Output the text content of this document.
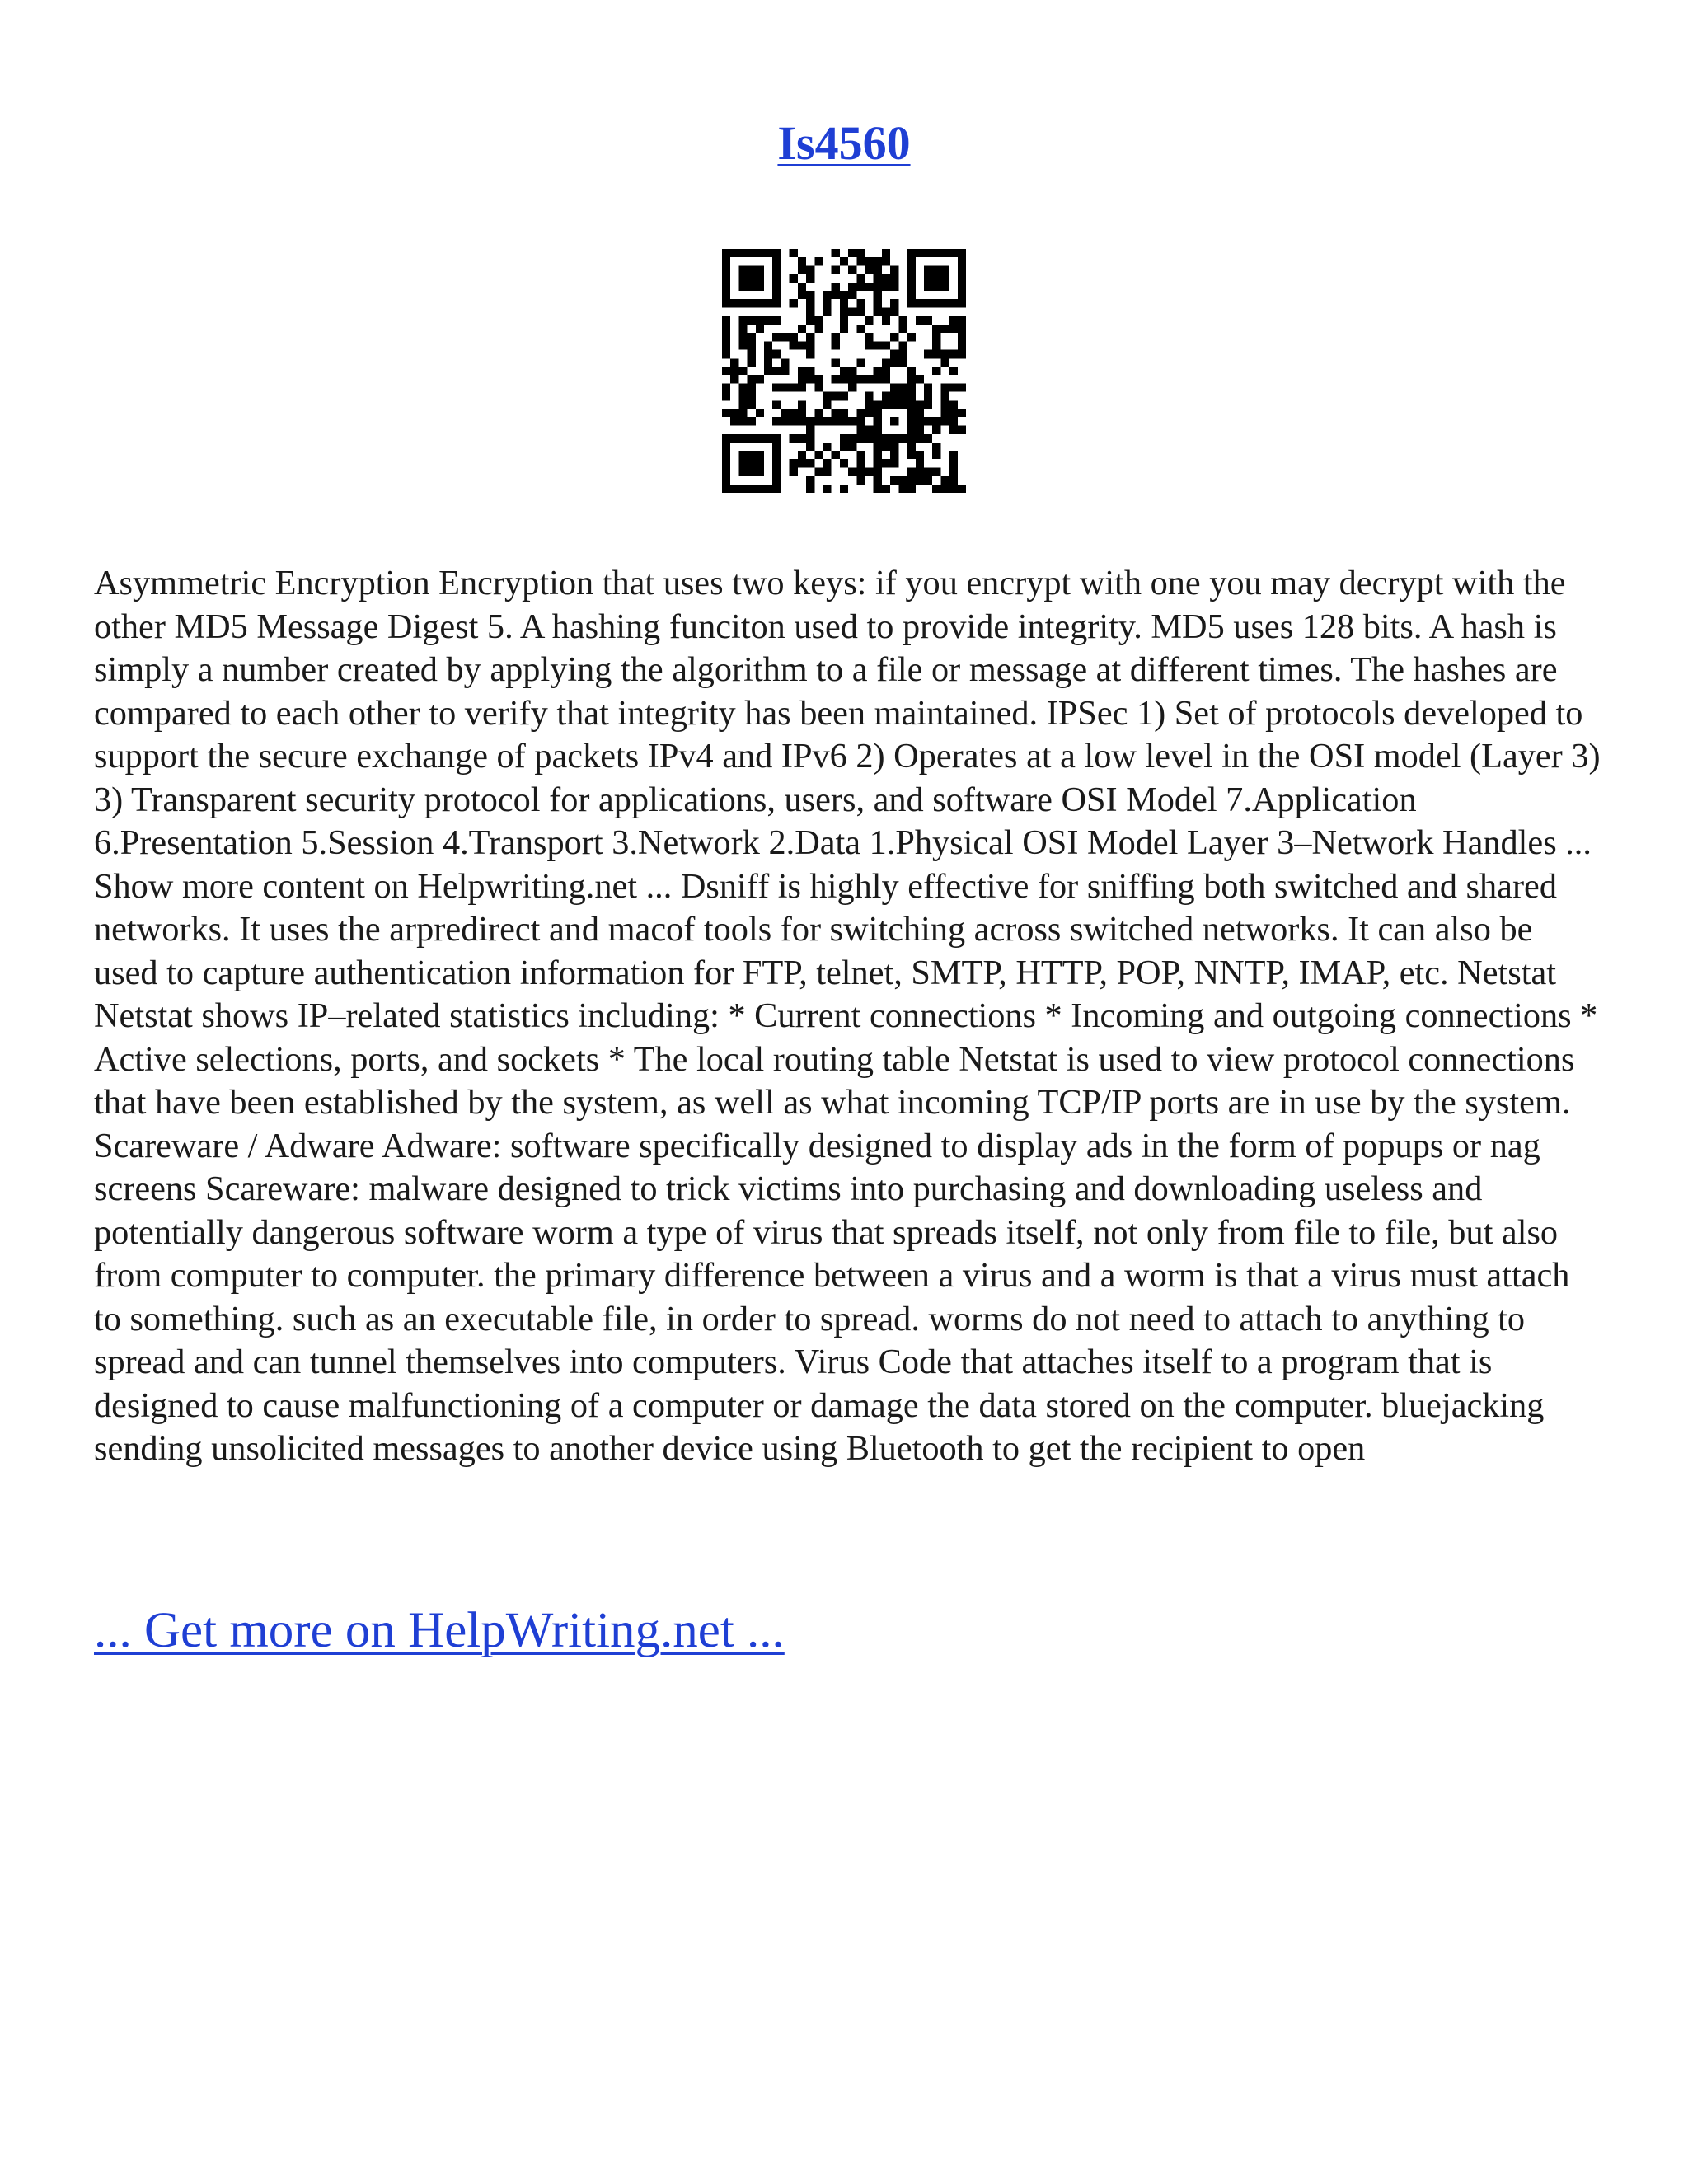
Is4560

Asymmetric Encryption Encryption that uses two keys: if you encrypt with one you may decrypt with the other MD5 Message Digest 5. A hashing funciton used to provide integrity. MD5 uses 128 bits. A hash is simply a number created by applying the algorithm to a file or message at different times. The hashes are compared to each other to verify that integrity has been maintained. IPSec 1) Set of protocols developed to support the secure exchange of packets IPv4 and IPv6 2) Operates at a low level in the OSI model (Layer 3) 3) Transparent security protocol for applications, users, and software OSI Model 7.Application 6.Presentation 5.Session 4.Transport 3.Network 2.Data 1.Physical OSI Model Layer 3–Network Handles ... Show more content on Helpwriting.net ... Dsniff is highly effective for sniffing both switched and shared networks. It uses the arpredirect and macof tools for switching across switched networks. It can also be used to capture authentication information for FTP, telnet, SMTP, HTTP, POP, NNTP, IMAP, etc. Netstat Netstat shows IP–related statistics including: * Current connections * Incoming and outgoing connections * Active selections, ports, and sockets * The local routing table Netstat is used to view protocol connections that have been established by the system, as well as what incoming TCP/IP ports are in use by the system. Scareware / Adware Adware: software specifically designed to display ads in the form of popups or nag screens Scareware: malware designed to trick victims into purchasing and downloading useless and potentially dangerous software worm a type of virus that spreads itself, not only from file to file, but also from computer to computer. the primary difference between a virus and a worm is that a virus must attach to something. such as an executable file, in order to spread. worms do not need to attach to anything to spread and can tunnel themselves into computers. Virus Code that attaches itself to a program that is designed to cause malfunctioning of a computer or damage the data stored on the computer. bluejacking sending unsolicited messages to another device using Bluetooth to get the recipient to open

... Get more on HelpWriting.net ...
